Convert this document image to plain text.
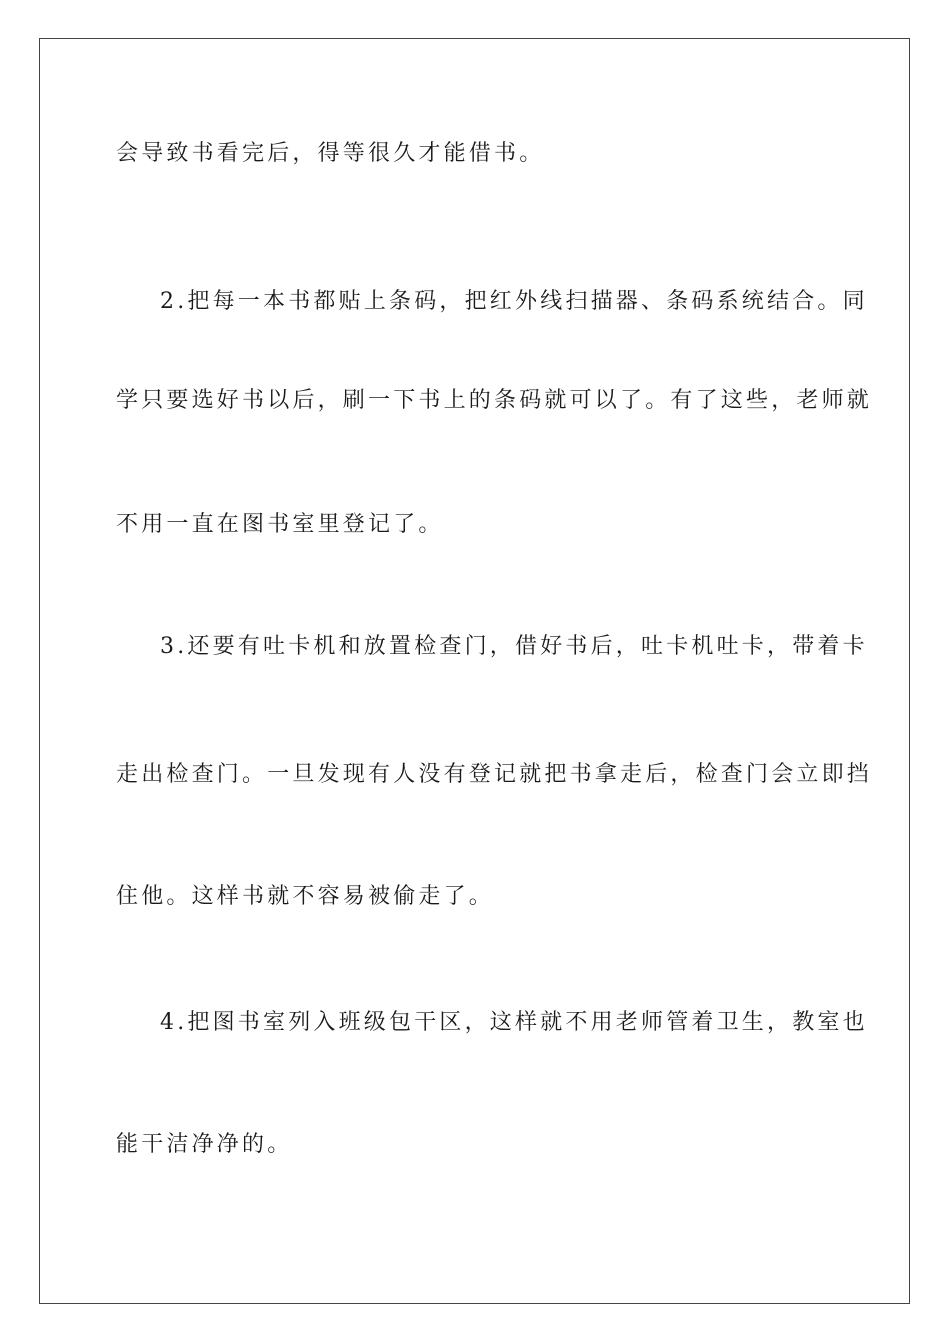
会导致书看完后，得等很久才能借书。
2.把每一本书都贴上条码，把红外线扫描器、条码系统结合。同
学只要选好书以后，刷一下书上的条码就可以了。有了这些，老师就
不用一直在图书室里登记了。
3.还要有吐卡机和放置检查门，借好书后，吐卡机吐卡，带着卡
走出检查门。一旦发现有人没有登记就把书拿走后，检查门会立即挡
住他。这样书就不容易被偷走了。
4.把图书室列入班级包干区，这样就不用老师管着卫生，教室也
能干洁净净的。
